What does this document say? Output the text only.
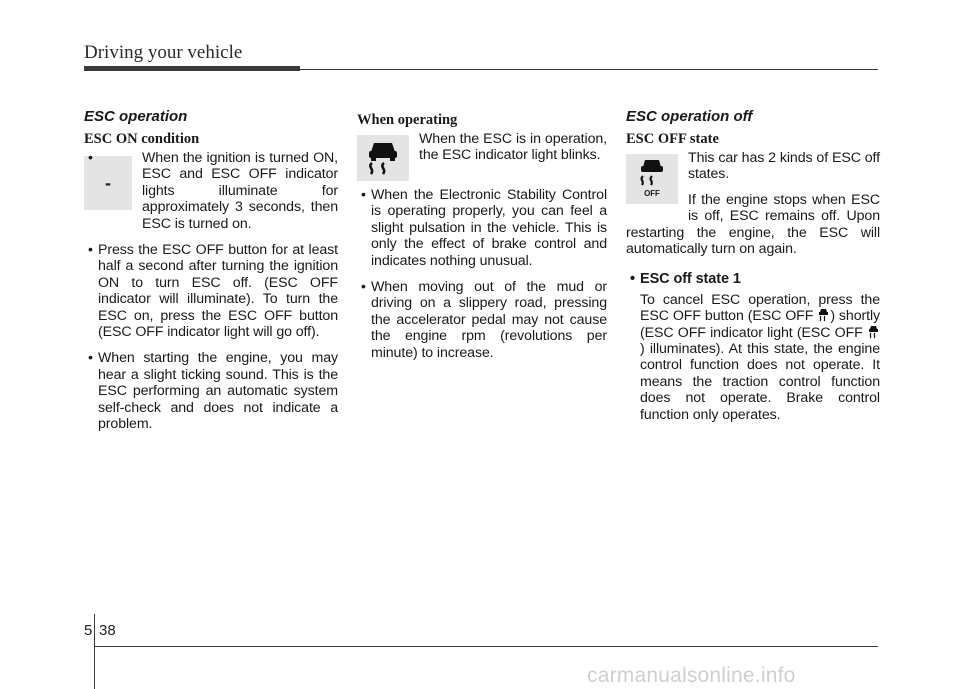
Driving your vehicle
ESC operation
ESC ON condition
-
• When the ignition is turned ON, ESC and ESC OFF indicator lights illuminate for approximately 3 seconds, then ESC is turned on.
• Press the ESC OFF button for at least half a second after turning the ignition ON to turn ESC off. (ESC OFF indicator will illuminate). To turn the ESC on, press the ESC OFF button (ESC OFF indicator light will go off).
• When starting the engine, you may hear a slight ticking sound. This is the ESC performing an automatic system self-check and does not indicate a problem.
When operating
When the ESC is in operation, the ESC indicator light blinks.
• When the Electronic Stability Control is operating properly, you can feel a slight pulsation in the vehicle. This is only the effect of brake control and indicates nothing unusual.
• When moving out of the mud or driving on a slippery road, pressing the accelerator pedal may not cause the engine rpm (revolutions per minute) to increase.
ESC operation off
ESC OFF state
OFF
This car has 2 kinds of ESC off states.
If the engine stops when ESC is off, ESC remains off. Upon restarting the engine, the ESC will automatically turn on again.
• ESC off state 1
To cancel ESC operation, press the ESC OFF button (ESC OFF ) shortly (ESC OFF indicator light (ESC OFF ) illuminates). At this state, the engine control function does not operate. It means the traction control function does not operate. Brake control function only operates.
5 38
carmanualsonline.info
